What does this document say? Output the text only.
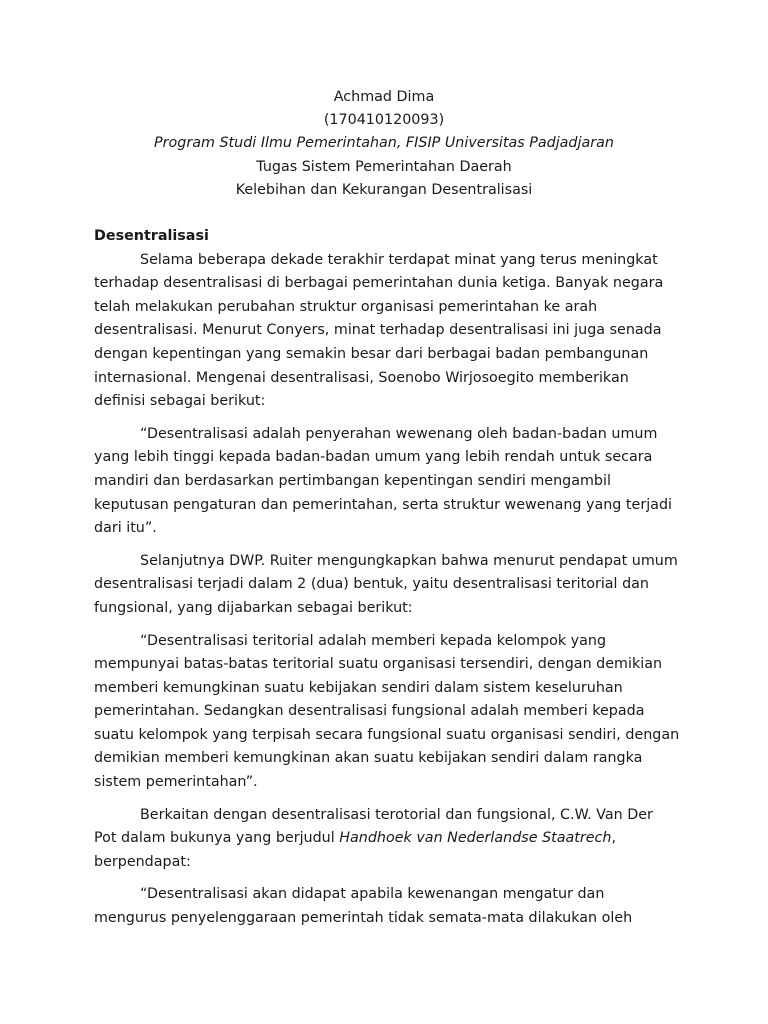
Achmad Dima
(170410120093)
Program Studi Ilmu Pemerintahan, FISIP Universitas Padjadjaran
Tugas Sistem Pemerintahan Daerah
Kelebihan dan Kekurangan Desentralisasi
Desentralisasi
Selama beberapa dekade terakhir terdapat minat yang terus meningkat
terhadap desentralisasi di berbagai pemerintahan dunia ketiga. Banyak negara
telah melakukan perubahan struktur organisasi pemerintahan ke arah
desentralisasi. Menurut Conyers, minat terhadap desentralisasi ini juga senada
dengan kepentingan yang semakin besar dari berbagai badan pembangunan
internasional. Mengenai desentralisasi, Soenobo Wirjosoegito memberikan
definisi sebagai berikut:
“Desentralisasi adalah penyerahan wewenang oleh badan-badan umum
yang lebih tinggi kepada badan-badan umum yang lebih rendah untuk secara
mandiri dan berdasarkan pertimbangan kepentingan sendiri mengambil
keputusan pengaturan dan pemerintahan, serta struktur wewenang yang terjadi
dari itu”.
Selanjutnya DWP. Ruiter mengungkapkan bahwa menurut pendapat umum
desentralisasi terjadi dalam 2 (dua) bentuk, yaitu desentralisasi teritorial dan
fungsional, yang dijabarkan sebagai berikut:
“Desentralisasi teritorial adalah memberi kepada kelompok yang
mempunyai batas-batas teritorial suatu organisasi tersendiri, dengan demikian
memberi kemungkinan suatu kebijakan sendiri dalam sistem keseluruhan
pemerintahan. Sedangkan desentralisasi fungsional adalah memberi kepada
suatu kelompok yang terpisah secara fungsional suatu organisasi sendiri, dengan
demikian memberi kemungkinan akan suatu kebijakan sendiri dalam rangka
sistem pemerintahan”.
Berkaitan dengan desentralisasi terotorial dan fungsional, C.W. Van Der
Pot dalam bukunya yang berjudul Handhoek van Nederlandse Staatrech,
berpendapat:
“Desentralisasi akan didapat apabila kewenangan mengatur dan
mengurus penyelenggaraan pemerintah tidak semata-mata dilakukan oleh
